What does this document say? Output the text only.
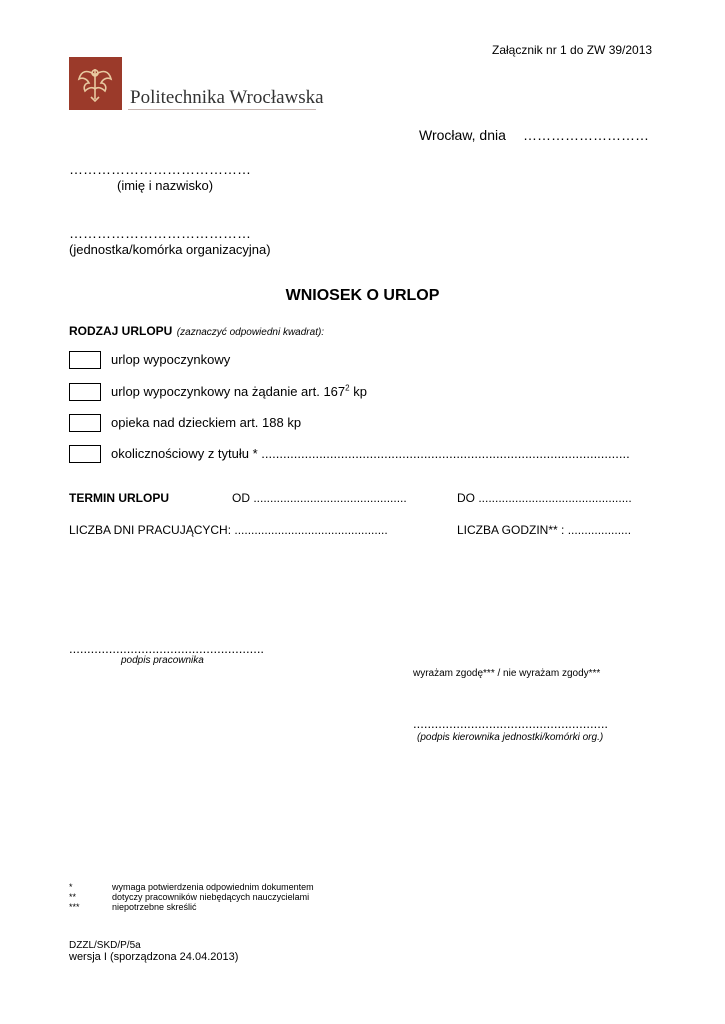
Załącznik nr 1 do ZW 39/2013
Politechnika Wrocławska
Wrocław, dnia ………………………
…………………………………
(imię i nazwisko)
…………………………………
(jednostka/komórka organizacyjna)
WNIOSEK O URLOP
RODZAJ URLOPU (zaznaczyć odpowiedni kwadrat):
urlop wypoczynkowy
urlop wypoczynkowy na żądanie art. $167^2$ kp
opieka nad dzieckiem art. 188 kp
okolicznościowy z tytułu * ......................................................................................................
TERMIN URLOPU	OD ..............................................	DO ..............................................
LICZBA DNI PRACUJĄCYCH: ..............................................	LICZBA GODZIN** : ...................
......................................................
podpis pracownika
wyrażam zgodę*** / nie wyrażam zgody***
......................................................
(podpis kierownika jednostki/komórki org.)
*	wymaga potwierdzenia odpowiednim dokumentem
**	dotyczy pracowników niebędących nauczycielami
***	niepotrzebne skreślić
DZZL/SKD/P/5a
wersja I (sporządzona 24.04.2013)
